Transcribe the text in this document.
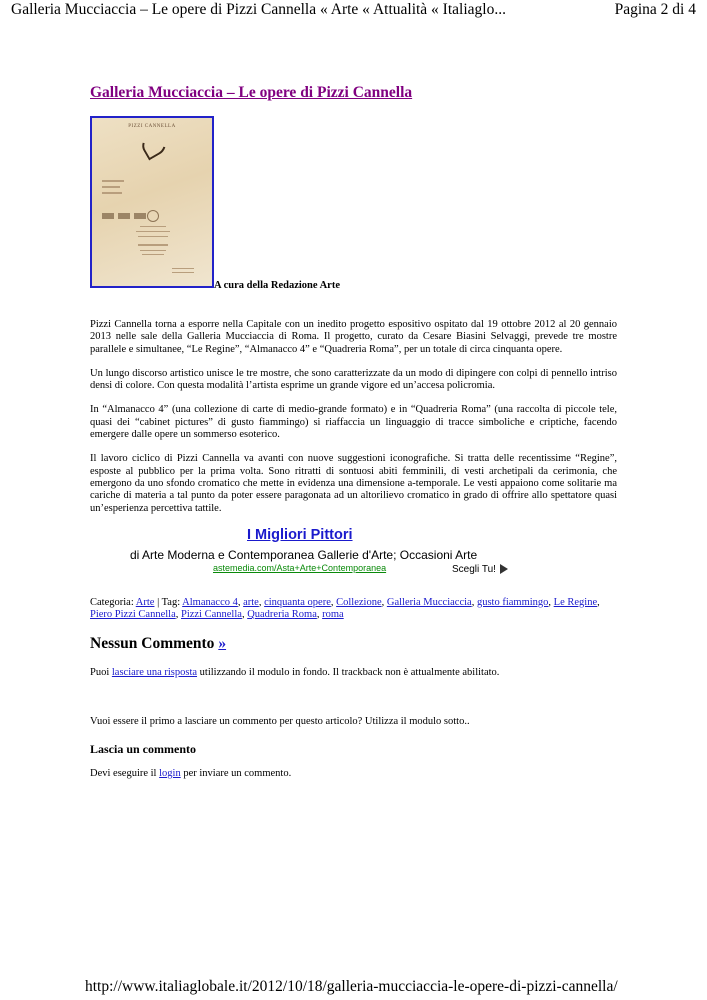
Galleria Mucciaccia – Le opere di Pizzi Cannella « Arte « Attualità « Italiaglo...	Pagina 2 di 4
Galleria Mucciaccia – Le opere di Pizzi Cannella
PIZZI CANNELLA
A cura della Redazione Arte

Pizzi Cannella torna a esporre nella Capitale con un inedito progetto espositivo ospitato dal 19 ottobre 2012 al 20 gennaio 2013 nelle sale della Galleria Mucciaccia di Roma. Il progetto, curato da Cesare Biasini Selvaggi, prevede tre mostre parallele e simultanee, “Le Regine”, “Almanacco 4” e “Quadreria Roma”, per un totale di circa cinquanta opere.

Un lungo discorso artistico unisce le tre mostre, che sono caratterizzate da un modo di dipingere con colpi di pennello intriso densi di colore. Con questa modalità l’artista esprime un grande vigore ed un’accesa policromia.

In “Almanacco 4” (una collezione di carte di medio-grande formato) e in “Quadreria Roma” (una raccolta di piccole tele, quasi dei “cabinet pictures” di gusto fiammingo) si riaffaccia un linguaggio di tracce simboliche e criptiche, facendo emergere dalle opere un sommerso esoterico.

Il lavoro ciclico di Pizzi Cannella va avanti con nuove suggestioni iconografiche. Si tratta delle recentissime “Regine”, esposte al pubblico per la prima volta. Sono ritratti di sontuosi abiti femminili, di vesti archetipali da cerimonia, che emergono da uno sfondo cromatico che mette in evidenza una dimensione a-temporale. Le vesti appaiono come solitarie ma cariche di materia a tal punto da poter essere paragonata ad un altorilievo cromatico in grado di offrire allo spettatore quasi un’esperienza percettiva tattile.

I Migliori Pittori
di Arte Moderna e Contemporanea Gallerie d'Arte; Occasioni Arte
astemedia.com/Asta+Arte+Contemporanea	Scegli Tu!
Categoria: Arte | Tag: Almanacco 4, arte, cinquanta opere, Collezione, Galleria Mucciaccia, gusto fiammingo, Le Regine, Piero Pizzi Cannella, Pizzi Cannella, Quadreria Roma, roma
Nessun Commento »

Puoi lasciare una risposta utilizzando il modulo in fondo. Il trackback non è attualmente abilitato.

Vuoi essere il primo a lasciare un commento per questo articolo? Utilizza il modulo sotto..

Lascia un commento

Devi eseguire il login per inviare un commento.

http://www.italiaglobale.it/2012/10/18/galleria-mucciaccia-le-opere-di-pizzi-cannella/
